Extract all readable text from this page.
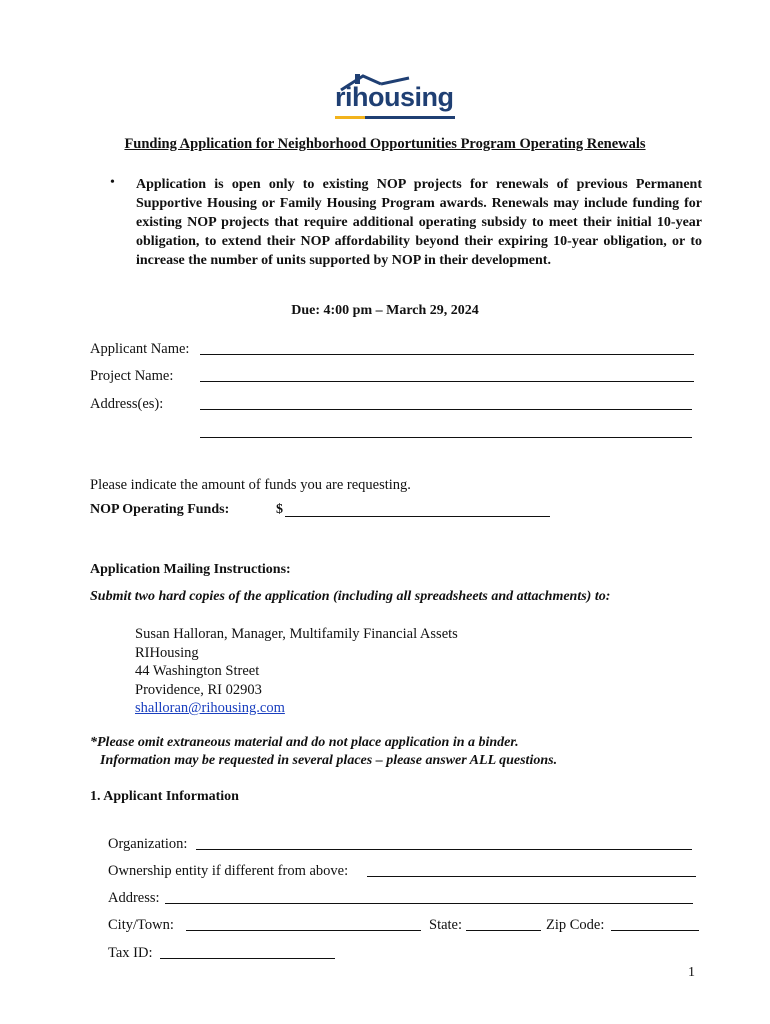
rihousing
Funding Application for Neighborhood Opportunities Program Operating Renewals
• Application is open only to existing NOP projects for renewals of previous Permanent Supportive Housing or Family Housing Program awards. Renewals may include funding for existing NOP projects that require additional operating subsidy to meet their initial 10-year obligation, to extend their NOP affordability beyond their expiring 10-year obligation, or to increase the number of units supported by NOP in their development.
Due: 4:00 pm – March 29, 2024
Applicant Name:
Project Name:
Address(es):
Please indicate the amount of funds you are requesting.
NOP Operating Funds:	$
Application Mailing Instructions:
Submit two hard copies of the application (including all spreadsheets and attachments) to:
Susan Halloran, Manager, Multifamily Financial Assets
RIHousing
44 Washington Street
Providence, RI 02903
shalloran@rihousing.com
*Please omit extraneous material and do not place application in a binder.
Information may be requested in several places – please answer ALL questions.
1. Applicant Information
Organization:
Ownership entity if different from above:
Address:
City/Town:	State:	Zip Code:
Tax ID:
1
